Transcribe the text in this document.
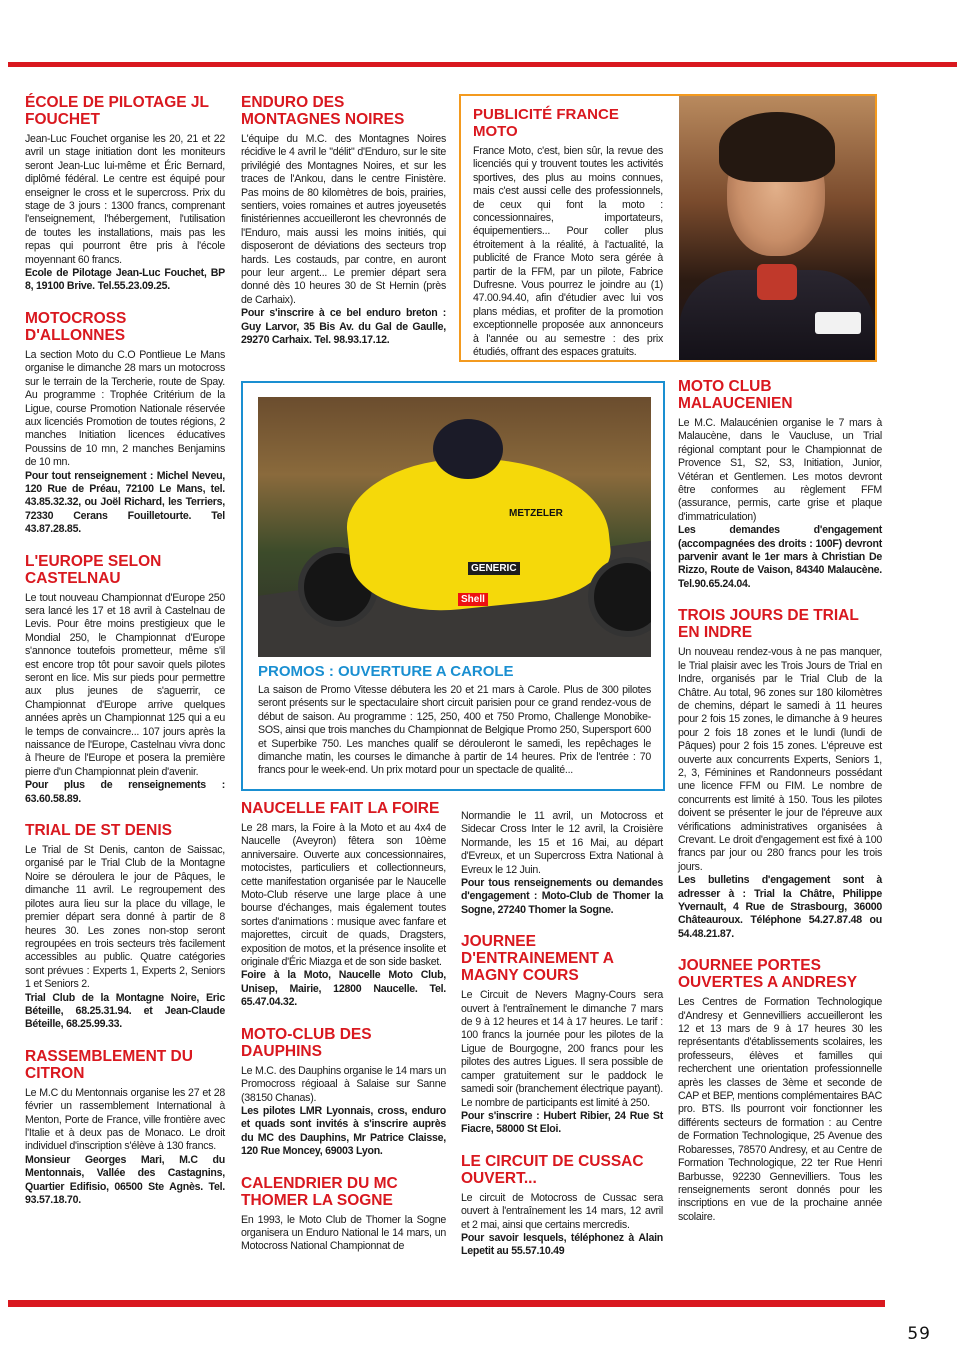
ÉCOLE DE PILOTAGE JL FOUCHET

Jean-Luc Fouchet organise les 20, 21 et 22 avril un stage initiation dont les moniteurs seront Jean-Luc lui-même et Éric Bernard, diplômé fédéral. Le centre est équipé pour enseigner le cross et le supercross. Prix du stage de 3 jours : 1300 francs, comprenant l'enseignement, l'hébergement, l'utilisation de toutes les installations, mais pas les repas qui pourront être pris à l'école moyennant 60 francs.

Ecole de Pilotage Jean-Luc Fouchet, BP 8, 19100 Brive. Tel.55.23.09.25.
MOTOCROSS D'ALLONNES

La section Moto du C.O Pontlieue Le Mans organise le dimanche 28 mars un motocross sur le terrain de la Tercherie, route de Spay. Au programme : Trophée Critérium de la Ligue, course Promotion Nationale réservée aux licenciés Promotion de toutes régions, 2 manches Initiation licences éducatives Poussins de 10 mn, 2 manches Benjamins de 10 mn.

Pour tout renseignement : Michel Neveu, 120 Rue de Préau, 72100 Le Mans, tel. 43.85.32.32, ou Joël Richard, les Terriers, 72330 Cerans Fouilletourte. Tel 43.87.28.85.
L'EUROPE SELON CASTELNAU

Le tout nouveau Championnat d'Europe 250 sera lancé les 17 et 18 avril à Castelnau de Levis. Pour être moins prestigieux que le Mondial 250, le Championnat d'Europe s'annonce toutefois prometteur, même s'il est encore trop tôt pour savoir quels pilotes seront en lice. Mis sur pieds pour permettre aux plus jeunes de s'aguerrir, ce Championnat d'Europe arrive quelques années après un Championnat 125 qui a eu le temps de convaincre... 107 jours après la naissance de l'Europe, Castelnau vivra donc à l'heure de l'Europe et posera la première pierre d'un Championnat plein d'avenir.

Pour plus de renseignements : 63.60.58.89.
TRIAL DE ST DENIS

Le Trial de St Denis, canton de Saissac, organisé par le Trial Club de la Montagne Noire se déroulera le jour de Pâques, le dimanche 11 avril. Le regroupement des pilotes aura lieu sur la place du village, le premier départ sera donné à partir de 8 heures 30. Les zones non-stop seront regroupées en trois secteurs très facilement accessibles au public. Quatre catégories sont prévues : Experts 1, Experts 2, Seniors 1 et Seniors 2.

Trial Club de la Montagne Noire, Eric Béteille, 68.25.31.94. et Jean-Claude Béteille, 68.25.99.33.
RASSEMBLEMENT DU CITRON

Le M.C du Mentonnais organise les 27 et 28 février un rassemblement International à Menton, Porte de France, ville frontière avec l'Italie et à deux pas de Monaco. Le droit individuel d'inscription s'élève à 130 francs.

Monsieur Georges Mari, M.C du Mentonnais, Vallée des Castagnins, Quartier Edifisio, 06500 Ste Agnès. Tel. 93.57.18.70.
ENDURO DES MONTAGNES NOIRES

L'équipe du M.C. des Montagnes Noires récidive le 4 avril le "délit" d'Enduro, sur le site privilégié des Montagnes Noires, et sur les traces de l'Ankou, dans le centre Finistère. Pas moins de 80 kilomètres de bois, prairies, sentiers, voies romaines et autres joyeusetés finistériennes accueilleront les chevronnés de l'Enduro, mais aussi les moins initiés, qui disposeront de déviations des secteurs trop hards. Les costauds, par contre, en auront pour leur argent... Le premier départ sera donné dès 10 heures 30 de St Hernin (près de Carhaix).

Pour s'inscrire à ce bel enduro breton : Guy Larvor, 35 Bis Av. du Gal de Gaulle, 29270 Carhaix. Tel. 98.93.17.12.
PUBLICITÉ FRANCE MOTO
France Moto, c'est, bien sûr, la revue des licenciés qui y trouvent toutes les activités sportives, des plus au moins connues, mais c'est aussi celle des professionnels, de ceux qui font la moto : concessionnaires, importateurs, équipementiers... Pour coller plus étroitement à la réalité, à l'actualité, la publicité de France Moto sera gérée à partir de la FFM, par un pilote, Fabrice Dufresne. Vous pourrez le joindre au (1) 47.00.94.40, afin d'étudier avec lui vos plans médias, et profiter de la promotion exceptionnelle proposée aux annonceurs à l'année ou au semestre : des prix étudiés, offrant des espaces gratuits.
METZELER
GENERIC
Shell
PROMOS : OUVERTURE A CAROLE
La saison de Promo Vitesse débutera les 20 et 21 mars à Carole. Plus de 300 pilotes seront présents sur le spectaculaire short circuit parisien pour ce grand rendez-vous de début de saison. Au programme : 125, 250, 400 et 750 Promo, Challenge Monobike-SOS, ainsi que trois manches du Championnat de Belgique Promo 250, Supersport 600 et Superbike 750. Les manches qualif se dérouleront le samedi, les repêchages le dimanche matin, les courses le dimanche à partir de 14 heures. Prix de l'entrée : 70 francs pour le week-end. Un prix motard pour un spectacle de qualité...
MOTO CLUB MALAUCENIEN

Le M.C. Malaucénien organise le 7 mars à Malaucène, dans le Vaucluse, un Trial régional comptant pour le Championnat de Provence S1, S2, S3, Initiation, Junior, Vétéran et Gentlemen. Les motos devront être conformes au règlement FFM (assurance, permis, carte grise et plaque d'immatriculation)

Les demandes d'engagement (accompagnées des droits : 100F) devront parvenir avant le 1er mars à Christian De Rizzo, Route de Vaison, 84340 Malaucène. Tel.90.65.24.04.
TROIS JOURS DE TRIAL EN INDRE

Un nouveau rendez-vous à ne pas manquer, le Trial plaisir avec les Trois Jours de Trial en Indre, organisés par le Trial Club de la Châtre. Au total, 96 zones sur 180 kilomètres de chemins, départ le samedi à 11 heures pour 2 fois 15 zones, le dimanche à 9 heures pour 2 fois 18 zones et le lundi (lundi de Pâques) pour 2 fois 15 zones. L'épreuve est ouverte aux concurrents Experts, Seniors 1, 2, 3, Féminines et Randonneurs possédant une licence FFM ou FIM. Le nombre de concurrents est limité à 150. Tous les pilotes doivent se présenter le jour de l'épreuve aux vérifications administratives organisées à Crevant. Le droit d'engagement est fixé à 100 francs par jour ou 280 francs pour les trois jours.

Les bulletins d'engagement sont à adresser à : Trial la Châtre, Philippe Yvernault, 4 Rue de Strasbourg, 36000 Châteauroux. Téléphone 54.27.87.48 ou 54.48.21.87.
JOURNEE PORTES OUVERTES A ANDRESY

Les Centres de Formation Technologique d'Andresy et Gennevilliers accueilleront les 12 et 13 mars de 9 à 17 heures 30 les représentants d'établissements scolaires, les professeurs, élèves et familles qui recherchent une orientation professionnelle après les classes de 3ème et seconde de CAP et BEP, mentions complémentaires BAC pro. BTS. Ils pourront voir fonctionner les différents secteurs de formation : au Centre de Formation Technologique, 25 Avenue des Robaresses, 78570 Andresy, et au Centre de Formation Technologique, 22 ter Rue Henri Barbusse, 92230 Gennevilliers. Tous les renseignements seront donnés pour les inscriptions en vue de la prochaine année scolaire.

NAUCELLE FAIT LA FOIRE

Le 28 mars, la Foire à la Moto et au 4x4 de Naucelle (Aveyron) fêtera son 10ème anniversaire. Ouverte aux concessionnaires, motocistes, particuliers et collectionneurs, cette manifestation organisée par le Naucelle Moto-Club réserve une large place à une bourse d'échanges, mais également toutes sortes d'animations : musique avec fanfare et majorettes, circuit de quads, Dragsters, exposition de motos, et la présence insolite et originale d'Éric Miazga et de son side basket.

Foire à la Moto, Naucelle Moto Club, Unisep, Mairie, 12800 Naucelle. Tel. 65.47.04.32.
MOTO-CLUB DES DAUPHINS

Le M.C. des Dauphins organise le 14 mars un Promocross régioaal à Salaise sur Sanne (38150 Chanas).

Les pilotes LMR Lyonnais, cross, enduro et quads sont invités à s'inscrire auprès du MC des Dauphins, Mr Patrice Claisse, 120 Rue Moncey, 69003 Lyon.
CALENDRIER DU MC THOMER LA SOGNE

En 1993, le Moto Club de Thomer la Sogne organisera un Enduro National le 14 mars, un Motocross National Championnat de

Normandie le 11 avril, un Motocross et Sidecar Cross Inter le 12 avril, la Croisière Normande, les 15 et 16 Mai, au départ d'Evreux, et un Supercross Extra National à Evreux le 12 Juin.

Pour tous renseignements ou demandes d'engagement : Moto-Club de Thomer la Sogne, 27240 Thomer la Sogne.
JOURNEE D'ENTRAINEMENT A MAGNY COURS

Le Circuit de Nevers Magny-Cours sera ouvert à l'entraînement le dimanche 7 mars de 9 à 12 heures et 14 à 17 heures. Le tarif : 100 francs la journée pour les pilotes de la Ligue de Bourgogne, 200 francs pour les pilotes des autres Ligues. Il sera possible de camper gratuitement sur le paddock le samedi soir (branchement électrique payant). Le nombre de participants est limité à 250.

Pour s'inscrire : Hubert Ribier, 24 Rue St Fiacre, 58000 St Eloi.
LE CIRCUIT DE CUSSAC OUVERT...

Le circuit de Motocross de Cussac sera ouvert à l'entraînement les 14 mars, 12 avril et 2 mai, ainsi que certains mercredis.

Pour savoir lesquels, téléphonez à Alain Lepetit au 55.57.10.49
59
